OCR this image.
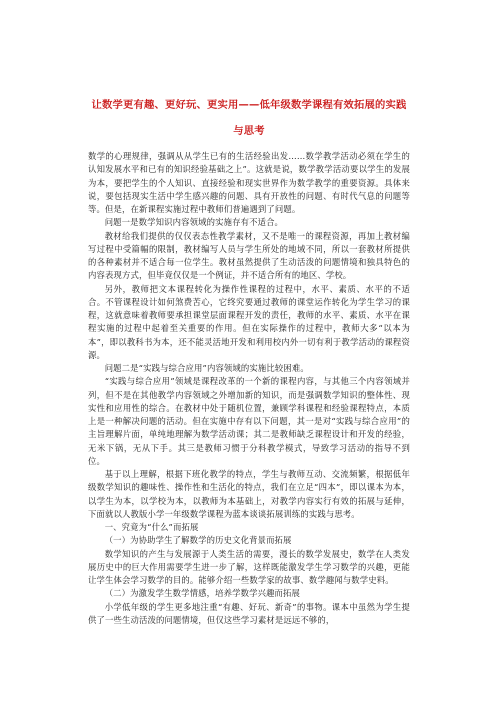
让数学更有趣、更好玩、更实用——低年级数学课程有效拓展的实践与思考

数学的心理规律，强调从从学生已有的生活经验出发……数学教学活动必须在学生的认知发展水平和已有的知识经验基础之上”。这就是说，数学教学活动要以学生的发展为本，要把学生的个人知识、直接经验和现实世界作为数学教学的重要资源。具体来说，要包括现实生活中学生感兴趣的问题、具有开放性的问题、有时代气息的问题等等。但是，在新课程实施过程中教师们普遍遇到了问题。

问题一是数学知识内容领域的实施存有不适合。

教材给我们提供的仅仅表态性教学素材，又不是唯一的课程资源，再加上教材编写过程中受篇幅的限制，教材编写人员与学生所处的地域不同，所以一套教材所提供的各种素材并不适合每一位学生。教材虽然提供了生动活泼的问题情境和独具特色的内容表现方式，但毕竟仅仅是一个例证，并不适合所有的地区、学校。

另外，教师把文本课程转化为操作性课程的过程中，水平、素质、水平的不适合。不管课程设计如何煞费苦心，它终究要通过教师的课堂运作转化为学生学习的课程，这就意味着教师要承担课堂层面课程开发的责任，教师的水平、素质、水平在课程实施的过程中起着至关重要的作用。但在实际操作的过程中，教师大多“以本为本”，即以教科书为本，还不能灵活地开发和利用校内外一切有利于教学活动的课程资源。

问题二是“实践与综合应用”内容领域的实施比较困难。

“实践与综合应用”领域是课程改革的一个新的课程内容，与其他三个内容领域并列，但不是在其他教学内容领域之外增加新的知识，而是强调数学知识的整体性、现实性和应用性的综合。在教材中处于随机位置，兼顾学科课程和经验课程特点，本质上是一种解决问题的活动。但在实施中存有以下问题，其一是对“实践与综合应用”的主旨理解片面，单纯地理解为数学活动课；其二是教师缺乏课程设计和开发的经验，无米下锅，无从下手。其三是教师习惯于分科教学模式，导致学习活动的指导不到位。

基于以上理解，根据下班化教学的特点，学生与教师互动、交流频繁，根据低年级数学知识的趣味性、操作性和生活化的特点，我们在立足“四本”，即以课本为本，以学生为本，以学校为本，以教师为本基础上，对教学内容实行有效的拓展与延伸，下面就以人教版小学一年级数学课程为蓝本谈谈拓展训练的实践与思考。

一、究竟为“什么”而拓展

（一）为协助学生了解数学的历史文化背景而拓展

数学知识的产生与发展源于人类生活的需要，漫长的数学发展史，数学在人类发展历史中的巨大作用需要学生进一步了解，这样既能激发学生学习数学的兴趣，更能让学生体会学习数学的目的。能够介绍一些数学家的故事、数学趣闻与数学史料。

（二）为激发学生数学情感，培养学数学兴趣而拓展

小学低年级的学生更多地注重“有趣、好玩、新奇”的事物。课本中虽然为学生提供了一些生动活泼的问题情境，但仅这些学习素材是远远不够的，
